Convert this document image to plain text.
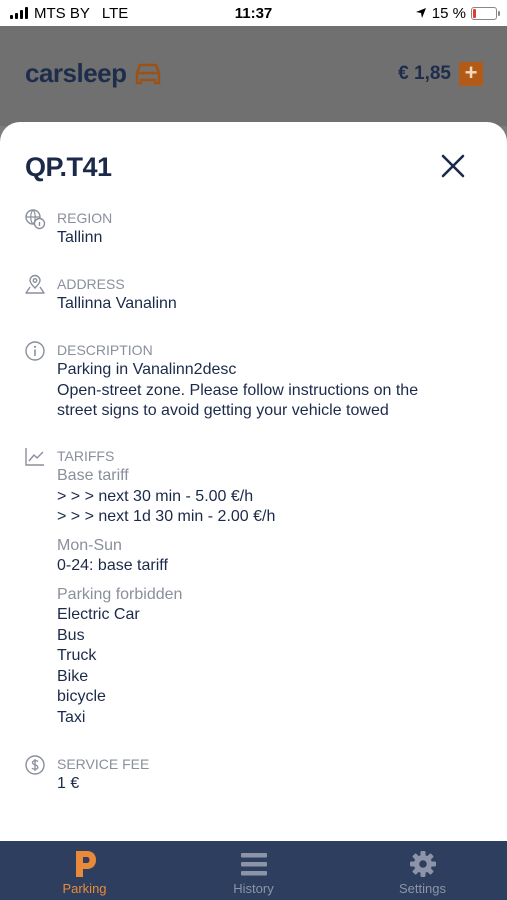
MTS BY LTE	11:37	15 %
carsleep	€ 1,85 +
QP.T41
REGION
Tallinn
ADDRESS
Tallinna Vanalinn
DESCRIPTION
Parking in Vanalinn2desc
Open-street zone. Please follow instructions on the
street signs to avoid getting your vehicle towed
TARIFFS
Base tariff
> > > next 30 min - 5.00 €/h
> > > next 1d 30 min - 2.00 €/h
Mon-Sun
0-24: base tariff
Parking forbidden
Electric Car
Bus
Truck
Bike
bicycle
Taxi
SERVICE FEE
1 €
Parking	History	Settings
